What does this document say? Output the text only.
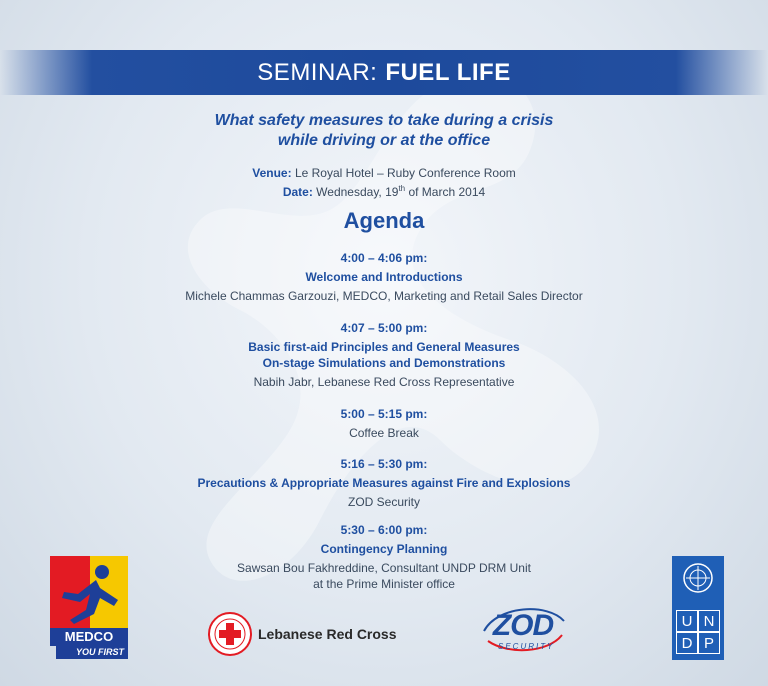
SEMINAR: FUEL LIFE
What safety measures to take during a crisis
while driving or at the office
Venue: Le Royal Hotel – Ruby Conference Room
Date: Wednesday, 19th of March 2014
Agenda
4:00 – 4:06 pm:
Welcome and Introductions
Michele Chammas Garzouzi, MEDCO, Marketing and Retail Sales Director
4:07 – 5:00 pm:
Basic first-aid Principles and General Measures
On-stage Simulations and Demonstrations
Nabih Jabr, Lebanese Red Cross Representative
5:00 – 5:15 pm:
Coffee Break
5:16 – 5:30 pm:
Precautions & Appropriate Measures against Fire and Explosions
ZOD Security
5:30 – 6:00 pm:
Contingency Planning
Sawsan Bou Fakhreddine, Consultant UNDP DRM Unit
at the Prime Minister office
MEDCO
YOU FIRST
Lebanese Red Cross	ZOD
SECURITY
U N
D P
